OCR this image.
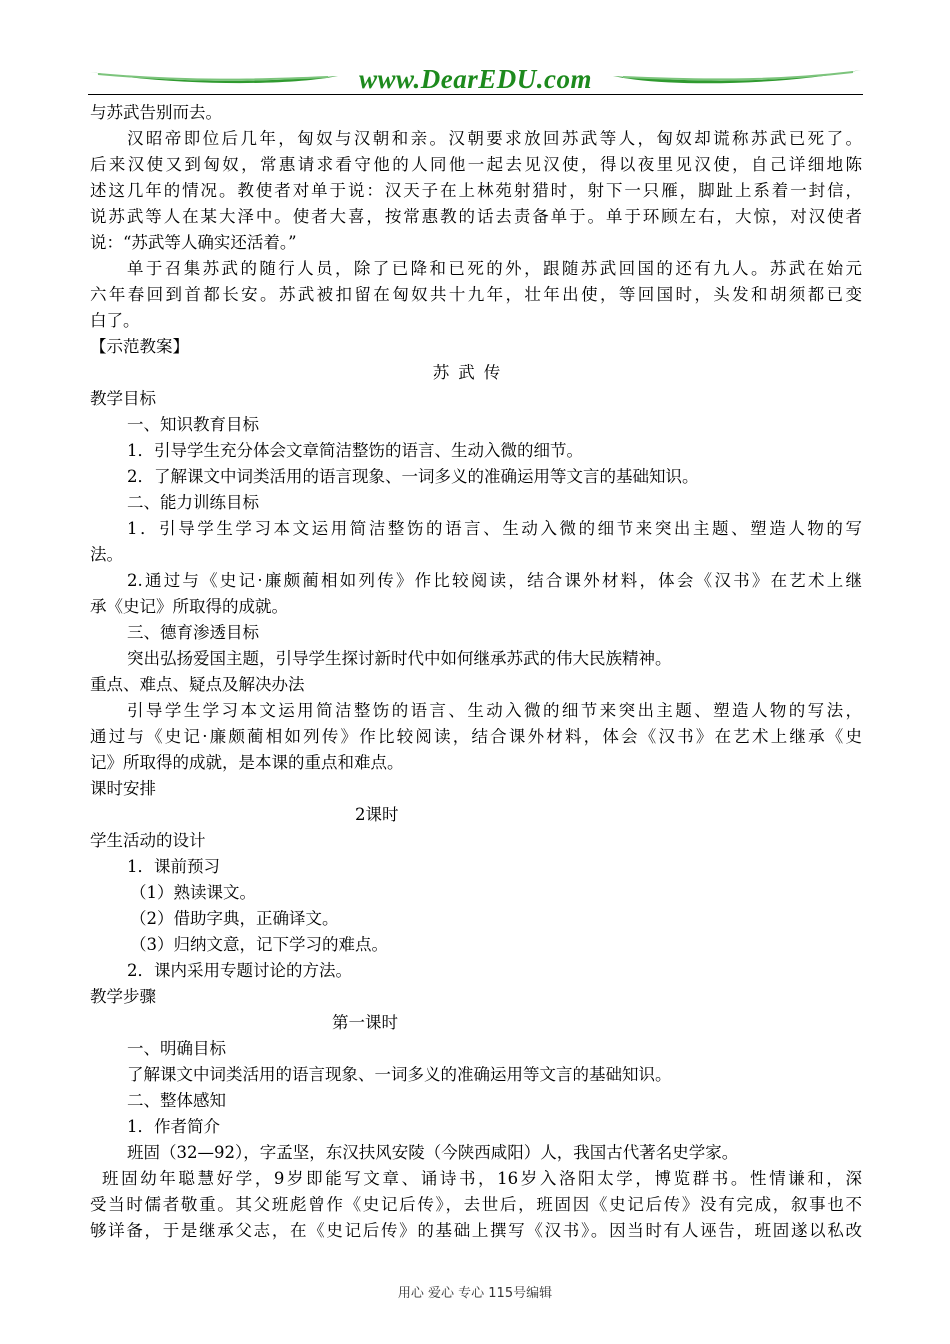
www.DearEDU.com
与苏武告别而去。
汉昭帝即位后几年，匈奴与汉朝和亲。汉朝要求放回苏武等人，匈奴却谎称苏武已死了。
后来汉使又到匈奴，常惠请求看守他的人同他一起去见汉使，得以夜里见汉使，自己详细地陈
述这几年的情况。教使者对单于说：汉天子在上林苑射猎时，射下一只雁，脚趾上系着一封信，
说苏武等人在某大泽中。使者大喜，按常惠教的话去责备单于。单于环顾左右，大惊，对汉使者
说：“苏武等人确实还活着。”
单于召集苏武的随行人员，除了已降和已死的外，跟随苏武回国的还有九人。苏武在始元
六年春回到首都长安。苏武被扣留在匈奴共十九年，壮年出使，等回国时，头发和胡须都已变
白了。
【示范教案】
苏武传
教学目标
一、知识教育目标
1．引导学生充分体会文章简洁整饬的语言、生动入微的细节。
2．了解课文中词类活用的语言现象、一词多义的准确运用等文言的基础知识。
二、能力训练目标
1．引导学生学习本文运用简洁整饬的语言、生动入微的细节来突出主题、塑造人物的写
法。
2.通过与《史记·廉颇蔺相如列传》作比较阅读，结合课外材料，体会《汉书》在艺术上继
承《史记》所取得的成就。
三、德育渗透目标
突出弘扬爱国主题，引导学生探讨新时代中如何继承苏武的伟大民族精神。
重点、难点、疑点及解决办法
引导学生学习本文运用简洁整饬的语言、生动入微的细节来突出主题、塑造人物的写法，
通过与《史记·廉颇蔺相如列传》作比较阅读，结合课外材料，体会《汉书》在艺术上继承《史
记》所取得的成就，是本课的重点和难点。
课时安排
2课时
学生活动的设计
1．课前预习
（1）熟读课文。
（2）借助字典，正确译文。
（3）归纳文意，记下学习的难点。
2．课内采用专题讨论的方法。
教学步骤
第一课时
一、明确目标
了解课文中词类活用的语言现象、一词多义的准确运用等文言的基础知识。
二、整体感知
1．作者简介
班固（32—92），字孟坚，东汉扶风安陵（今陕西咸阳）人，我国古代著名史学家。
班固幼年聪慧好学，9岁即能写文章、诵诗书，16岁入洛阳太学，博览群书。性情谦和，深
受当时儒者敬重。其父班彪曾作《史记后传》，去世后，班固因《史记后传》没有完成，叙事也不
够详备，于是继承父志，在《史记后传》的基础上撰写《汉书》。因当时有人诬告，班固遂以私改
用心 爱心 专心 115号编辑
